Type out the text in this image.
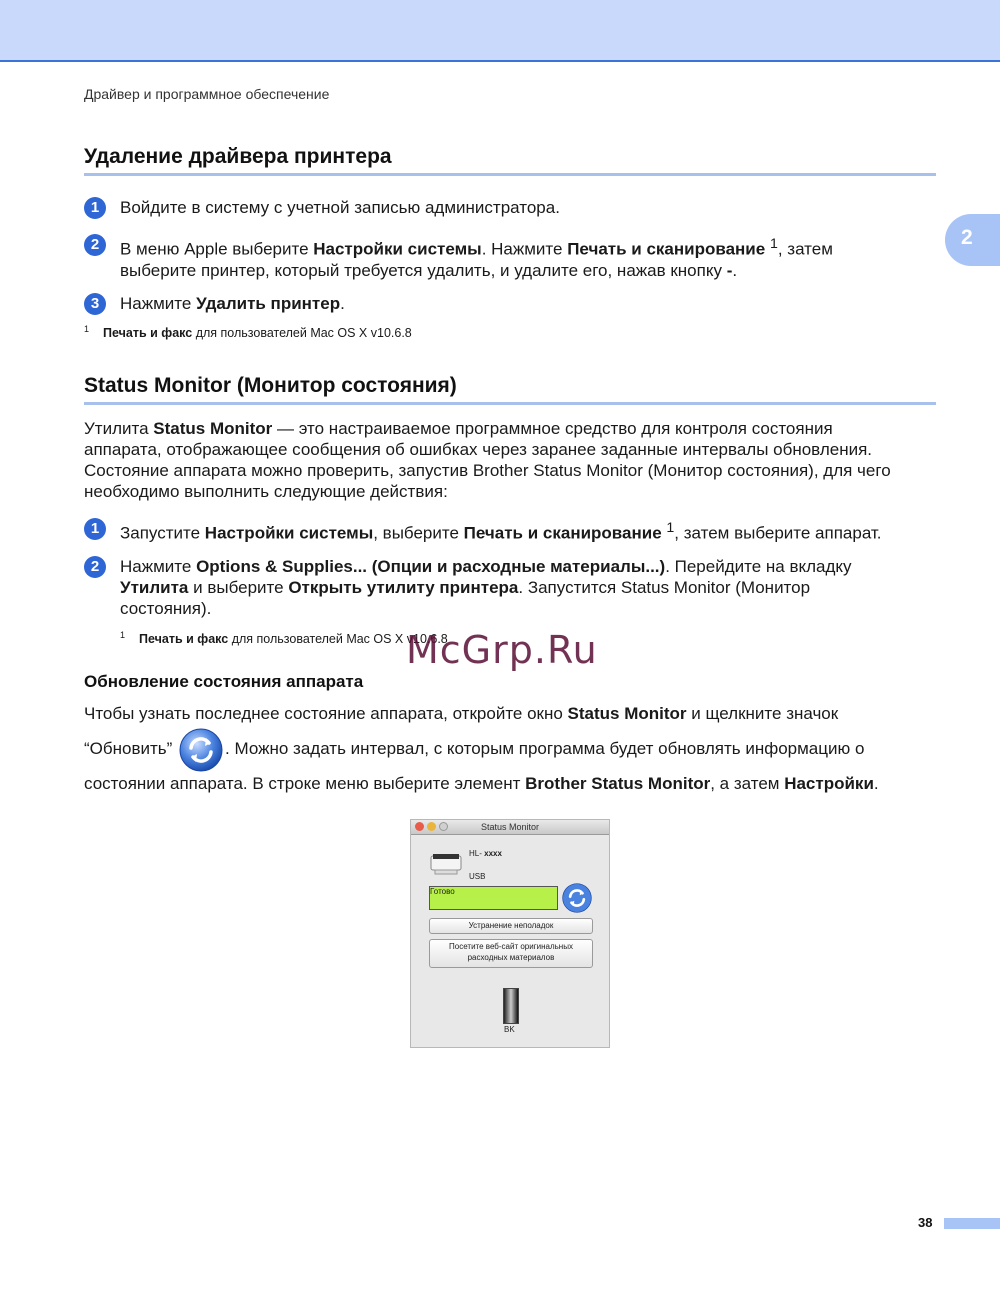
Драйвер и программное обеспечение
2
Удаление драйвера принтера
1	Войдите в систему с учетной записью администратора.
2	В меню Apple выберите Настройки системы. Нажмите Печать и сканирование $^1$, затем
выберите принтер, который требуется удалить, и удалите его, нажав кнопку -.
3	Нажмите Удалить принтер.
$^1$ Печать и факс для пользователей Mac OS X v10.6.8
Status Monitor (Монитор состояния)
Утилита Status Monitor — это настраиваемое программное средство для контроля состояния
аппарата, отображающее сообщения об ошибках через заранее заданные интервалы обновления.
Состояние аппарата можно проверить, запустив Brother Status Monitor (Монитор состояния), для чего
необходимо выполнить следующие действия:
1	Запустите Настройки системы, выберите Печать и сканирование $^1$, затем выберите аппарат.
2	Нажмите Options & Supplies... (Опции и расходные материалы...). Перейдите на вкладку
Утилита и выберите Открыть утилиту принтера. Запустится Status Monitor (Монитор
состояния).
$^1$ Печать и факс для пользователей Mac OS X v10.6.8
McGrp.Ru
Обновление состояния аппарата
Чтобы узнать последнее состояние аппарата, откройте окно Status Monitor и щелкните значок
“Обновить”	. Можно задать интервал, с которым программа будет обновлять информацию о
состоянии аппарата. В строке меню выберите элемент Brother Status Monitor, а затем Настройки.
Status Monitor
HL- xxxx
USB
Готово
Устранение неполадок
Посетите веб-сайт оригинальных
расходных материалов
BK
38
